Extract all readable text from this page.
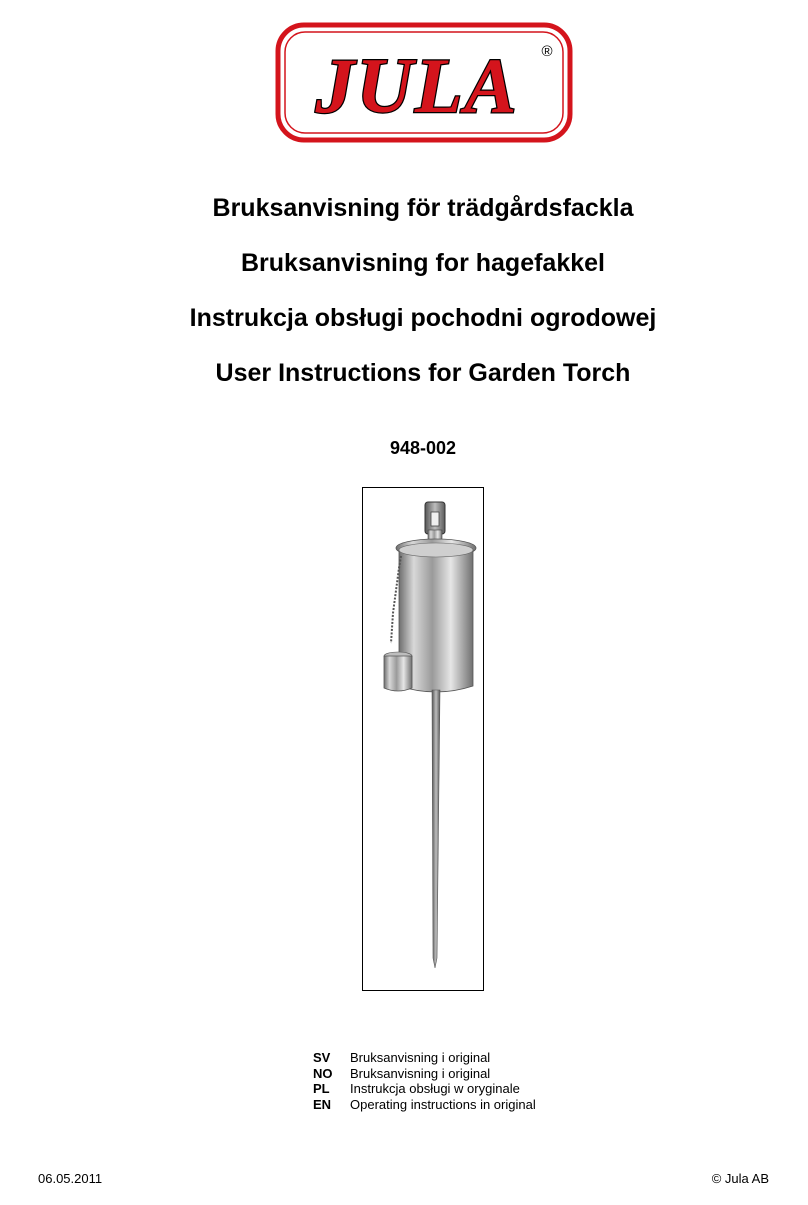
JULA ®
Bruksanvisning för trädgårdsfackla
Bruksanvisning for hagefakkel
Instrukcja obsługi pochodni ogrodowej
User Instructions for Garden Torch
948-002
SV	Bruksanvisning i original
NO	Bruksanvisning i original
PL	Instrukcja obsługi w oryginale
EN	Operating instructions in original
06.05.2011	© Jula AB
